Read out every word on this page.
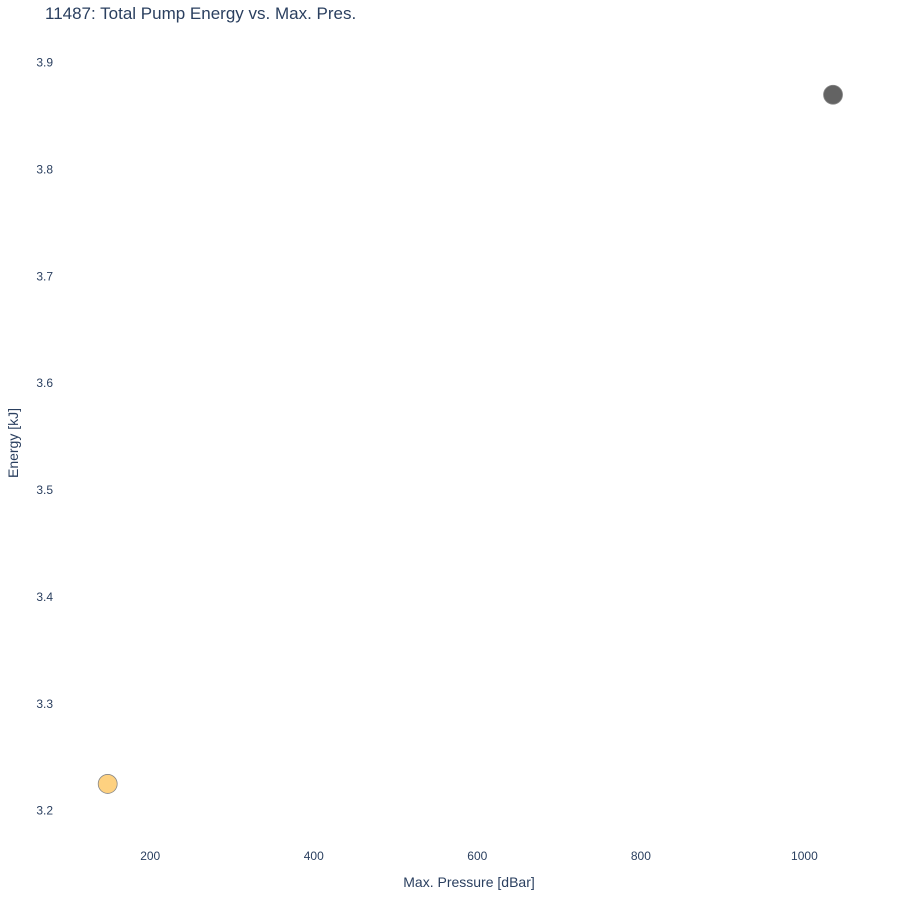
11487: Total Pump Energy vs. Max. Pres.
3.2
3.3
3.4
3.5
3.6
3.7
3.8
3.9
200	400	600	800	1000
Max. Pressure [dBar]
Energy [kJ]
